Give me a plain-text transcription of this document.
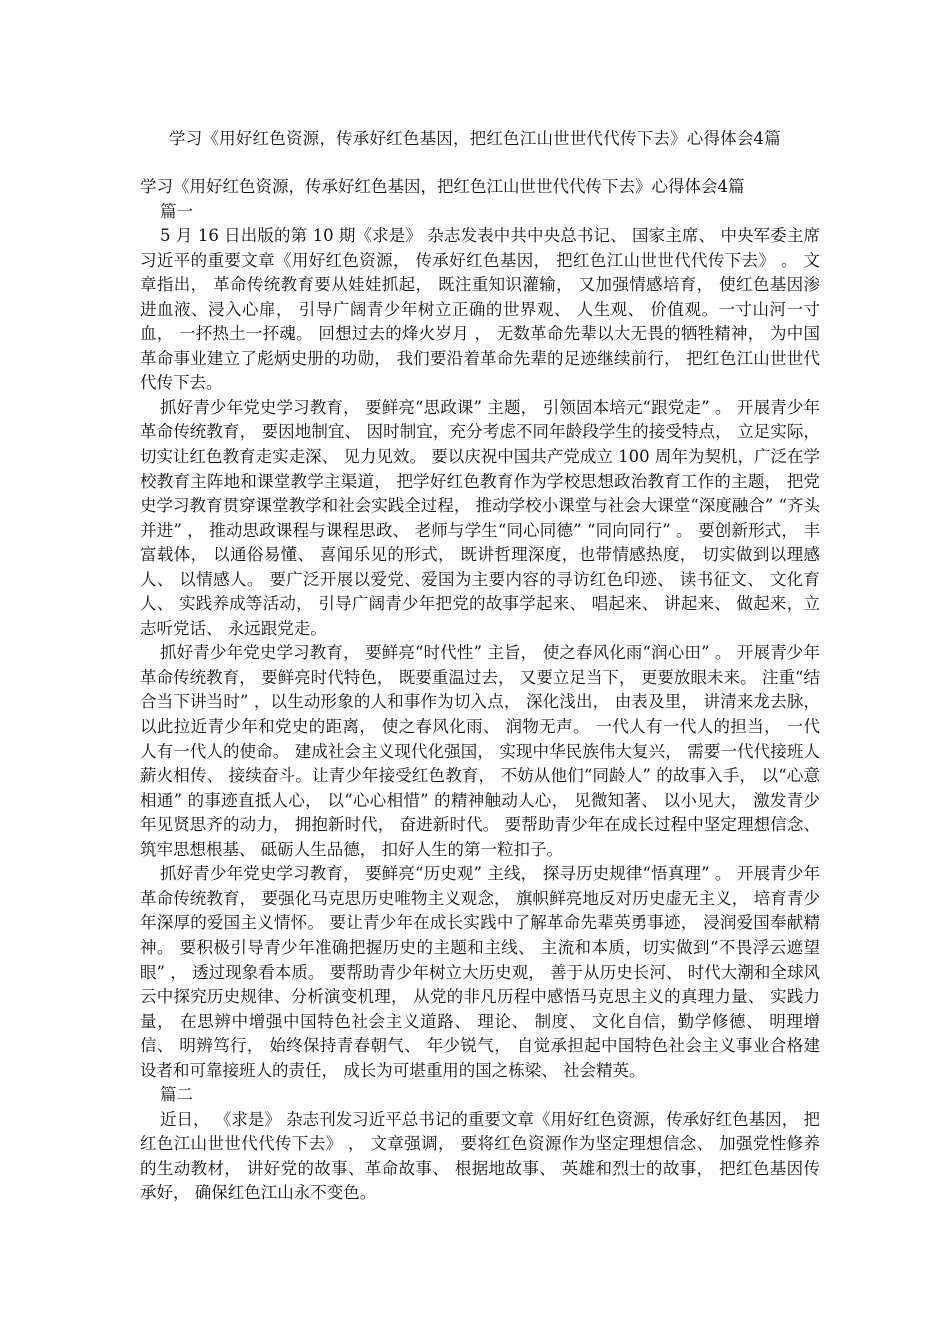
学习《用好红色资源，传承好红色基因，把红色江山世世代代传下去》心得体会4篇

学习《用好红色资源，传承好红色基因，把红色江山世世代代传下去》心得体会4篇

篇一

5 月 16 日出版的第 10 期《求是》 杂志发表中共中央总书记、 国家主席、 中央军委主席习近平的重要文章《用好红色资源， 传承好红色基因， 把红色江山世世代代传下去》 。 文章指出， 革命传统教育要从娃娃抓起， 既注重知识灌输， 又加强情感培育， 使红色基因渗进血液、浸入心扉， 引导广阔青少年树立正确的世界观、 人生观、 价值观。一寸山河一寸血， 一抔热土一抔魂。 回想过去的烽火岁月 ， 无数革命先辈以大无畏的牺牲精神， 为中国革命事业建立了彪炳史册的功勋， 我们要沿着革命先辈的足迹继续前行， 把红色江山世世代代传下去。

抓好青少年党史学习教育， 要鲜亮“思政课” 主题， 引领固本培元“跟党走” 。 开展青少年革命传统教育， 要因地制宜、 因时制宜，充分考虑不同年龄段学生的接受特点， 立足实际， 切实让红色教育走实走深、 见力见效。 要以庆祝中国共产党成立 100 周年为契机，广泛在学校教育主阵地和课堂教学主渠道， 把学好红色教育作为学校思想政治教育工作的主题， 把党史学习教育贯穿课堂教学和社会实践全过程， 推动学校小课堂与社会大课堂“深度融合” “齐头并进” ， 推动思政课程与课程思政、 老师与学生“同心同德” “同向同行” 。 要创新形式， 丰富载体， 以通俗易懂、 喜闻乐见的形式， 既讲哲理深度，也带情感热度， 切实做到以理感人、 以情感人。 要广泛开展以爱党、爱国为主要内容的寻访红色印迹、 读书征文、 文化育人、 实践养成等活动， 引导广阔青少年把党的故事学起来、 唱起来、 讲起来、 做起来，立志听党话、 永远跟党走。

抓好青少年党史学习教育， 要鲜亮“时代性” 主旨， 使之春风化雨“润心田” 。 开展青少年革命传统教育， 要鲜亮时代特色， 既要重温过去， 又要立足当下， 更要放眼未来。 注重“结合当下讲当时” ，以生动形象的人和事作为切入点， 深化浅出， 由表及里， 讲清来龙去脉， 以此拉近青少年和党史的距离， 使之春风化雨、 润物无声。 一代人有一代人的担当， 一代人有一代人的使命。 建成社会主义现代化强国， 实现中华民族伟大复兴， 需要一代代接班人薪火相传、 接续奋斗。让青少年接受红色教育， 不妨从他们“同龄人” 的故事入手， 以“心意相通” 的事迹直抵人心， 以“心心相惜” 的精神触动人心， 见微知著、 以小见大， 激发青少年见贤思齐的动力， 拥抱新时代， 奋进新时代。 要帮助青少年在成长过程中坚定理想信念、 筑牢思想根基、 砥砺人生品德， 扣好人生的第一粒扣子。

抓好青少年党史学习教育， 要鲜亮“历史观” 主线， 探寻历史规律“悟真理” 。 开展青少年革命传统教育， 要强化马克思历史唯物主义观念， 旗帜鲜亮地反对历史虚无主义， 培育青少年深厚的爱国主义情怀。 要让青少年在成长实践中了解革命先辈英勇事迹， 浸润爱国奉献精神。 要积极引导青少年准确把握历史的主题和主线、 主流和本质，切实做到“不畏浮云遮望眼” ， 透过现象看本质。 要帮助青少年树立大历史观， 善于从历史长河、 时代大潮和全球风云中探究历史规律、分析演变机理， 从党的非凡历程中感悟马克思主义的真理力量、 实践力量， 在思辨中增强中国特色社会主义道路、 理论、 制度、 文化自信，勤学修德、 明理增信、 明辨笃行， 始终保持青春朝气、 年少锐气， 自觉承担起中国特色社会主义事业合格建设者和可靠接班人的责任， 成长为可堪重用的国之栋梁、 社会精英。

篇二

近日， 《求是》 杂志刊发习近平总书记的重要文章《用好红色资源，传承好红色基因， 把红色江山世世代代传下去》 ， 文章强调， 要将红色资源作为坚定理想信念、 加强党性修养的生动教材， 讲好党的故事、革命故事、 根据地故事、 英雄和烈士的故事， 把红色基因传承好， 确保红色江山永不变色。
